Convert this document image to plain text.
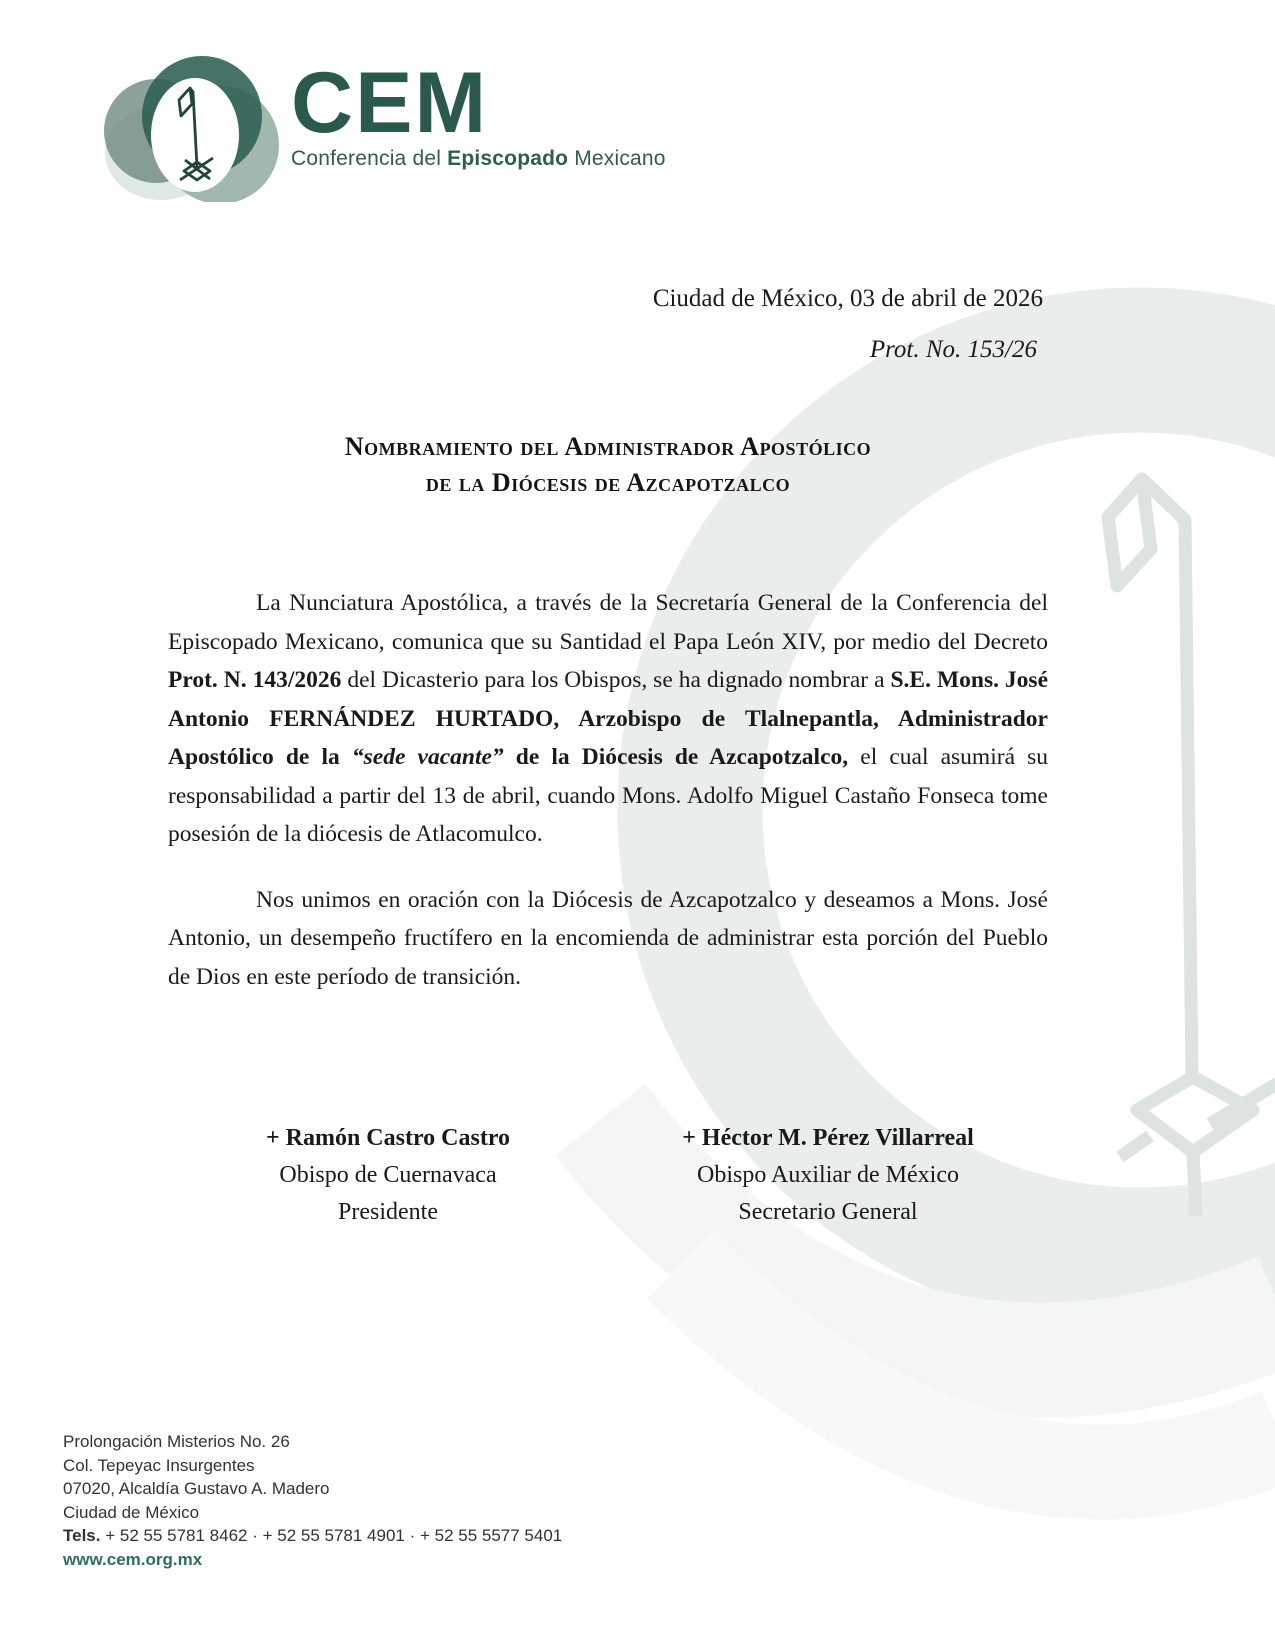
CEM
Conferencia del Episcopado Mexicano
Ciudad de México, 03 de abril de 2026
Prot. No. 153/26
Nombramiento del Administrador Apostólico
de la Diócesis de Azcapotzalco

La Nunciatura Apostólica, a través de la Secretaría General de la Conferencia del Episcopado Mexicano, comunica que su Santidad el Papa León XIV, por medio del Decreto Prot. N. 143/2026 del Dicasterio para los Obispos, se ha dignado nombrar a S.E. Mons. José Antonio FERNÁNDEZ HURTADO, Arzobispo de Tlalnepantla, Administrador Apostólico de la “sede vacante” de la Diócesis de Azcapotzalco, el cual asumirá su responsabilidad a partir del 13 de abril, cuando Mons. Adolfo Miguel Castaño Fonseca tome posesión de la diócesis de Atlacomulco.

Nos unimos en oración con la Diócesis de Azcapotzalco y deseamos a Mons. José Antonio, un desempeño fructífero en la encomienda de administrar esta porción del Pueblo de Dios en este período de transición.

+ Ramón Castro Castro
Obispo de Cuernavaca
Presidente
+ Héctor M. Pérez Villarreal
Obispo Auxiliar de México
Secretario General
Prolongación Misterios No. 26
Col. Tepeyac Insurgentes
07020, Alcaldía Gustavo A. Madero
Ciudad de México
Tels. + 52 55 5781 8462 · + 52 55 5781 4901 · + 52 55 5577 5401
www.cem.org.mx
